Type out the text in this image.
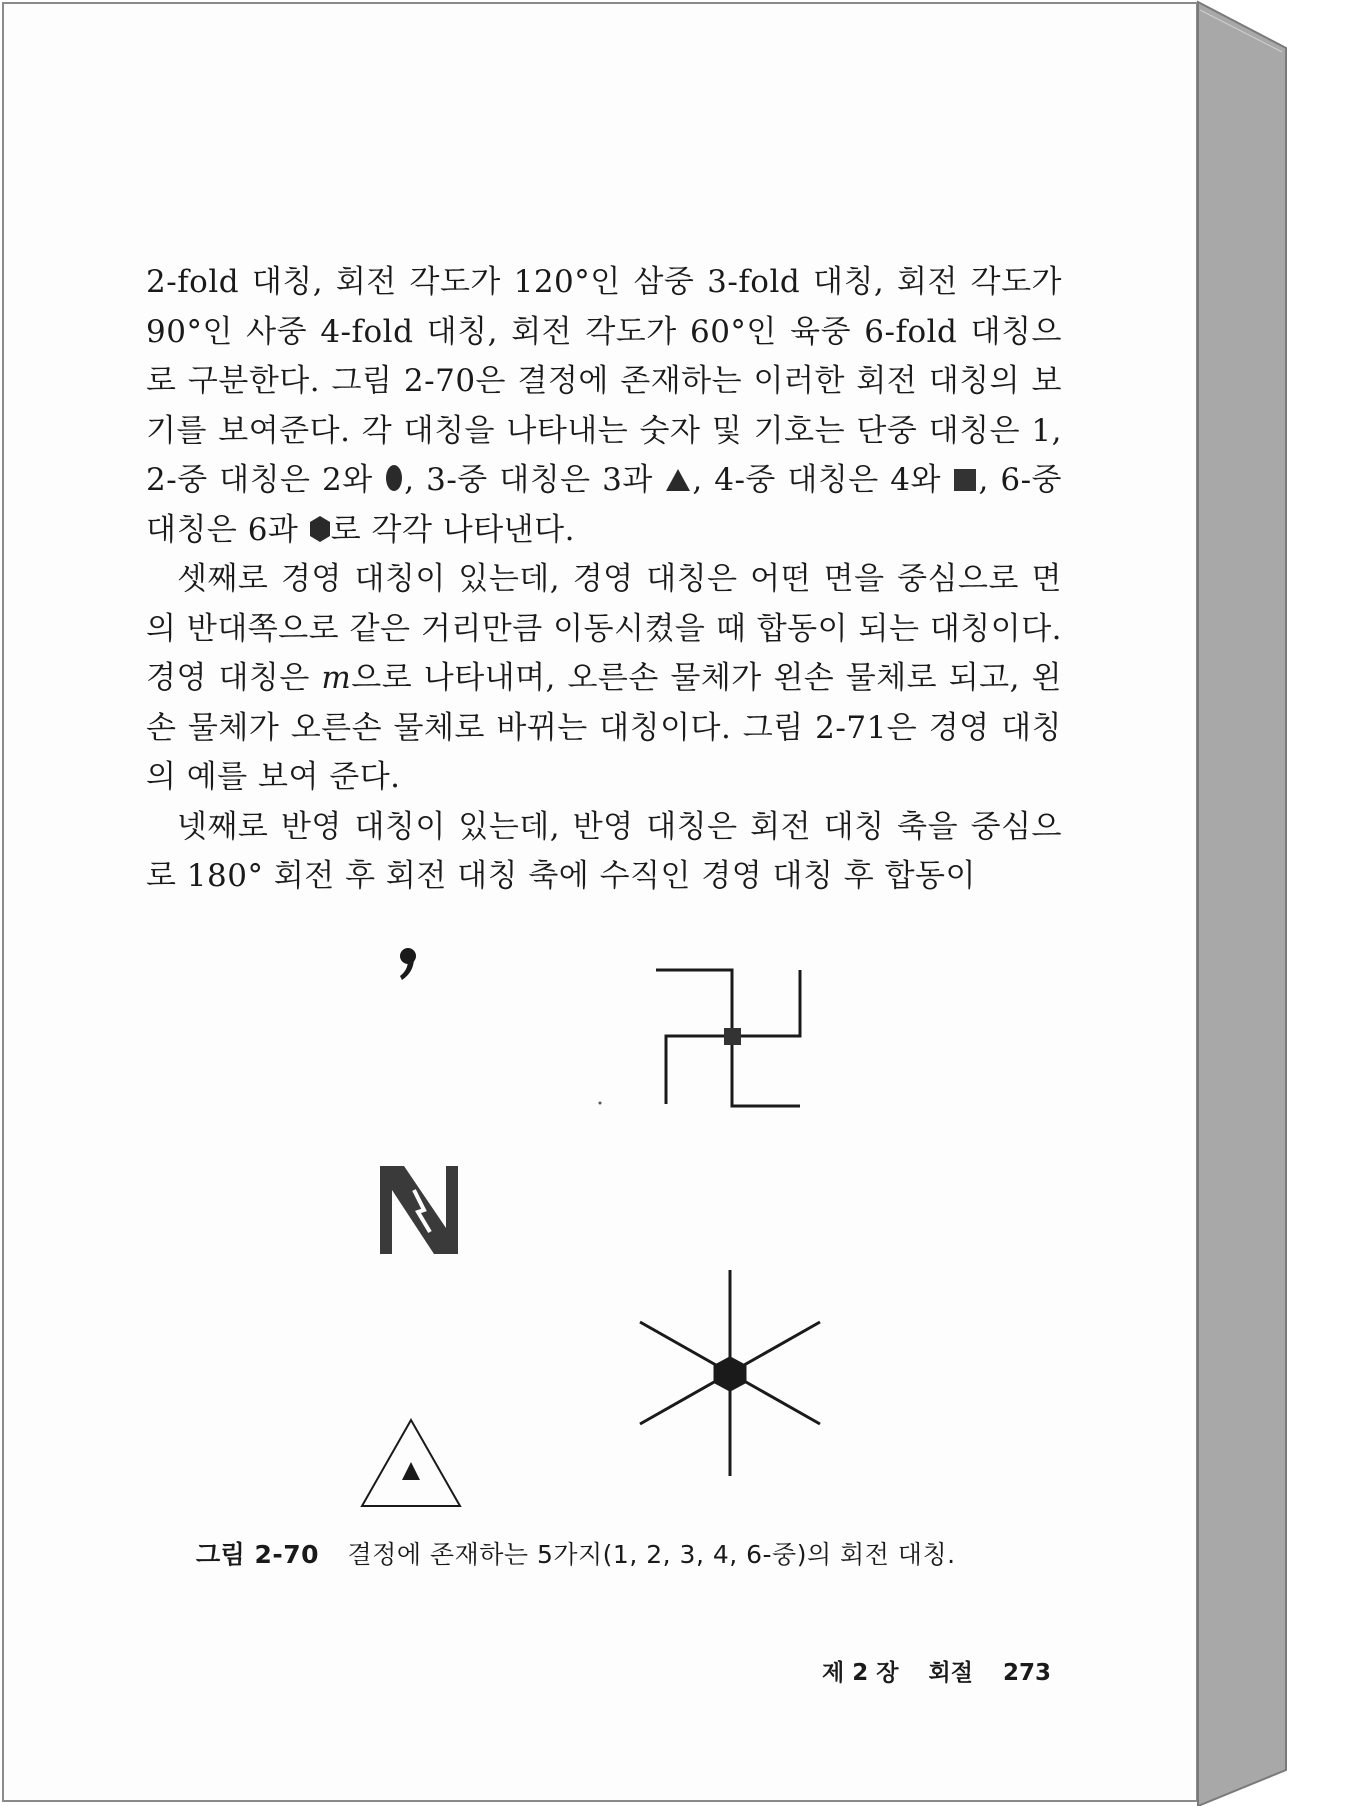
2-fold 대칭, 회전 각도가 120°인 삼중 3-fold 대칭, 회전 각도가 90°인 사중 4-fold 대칭, 회전 각도가 60°인 육중 6-fold 대칭으로 구분한다. 그림 2-70은 결정에 존재하는 이러한 회전 대칭의 보기를 보여준다. 각 대칭을 나타내는 숫자 및 기호는 단중 대칭은 1, 2-중 대칭은 2와 , 3-중 대칭은 3과 , 4-중 대칭은 4와 , 6-중 대칭은 6과 로 각각 나타낸다.

셋째로 경영 대칭이 있는데, 경영 대칭은 어떤 면을 중심으로 면의 반대쪽으로 같은 거리만큼 이동시켰을 때 합동이 되는 대칭이다. 경영 대칭은 m으로 나타내며, 오른손 물체가 왼손 물체로 되고, 왼손 물체가 오른손 물체로 바뀌는 대칭이다. 그림 2-71은 경영 대칭의 예를 보여 준다.

넷째로 반영 대칭이 있는데, 반영 대칭은 회전 대칭 축을 중심으로 180° 회전 후 회전 대칭 축에 수직인 경영 대칭 후 합동이

그림 2-70 결정에 존재하는 5가지(1, 2, 3, 4, 6-중)의 회전 대칭.
제 2 장 회절 273
